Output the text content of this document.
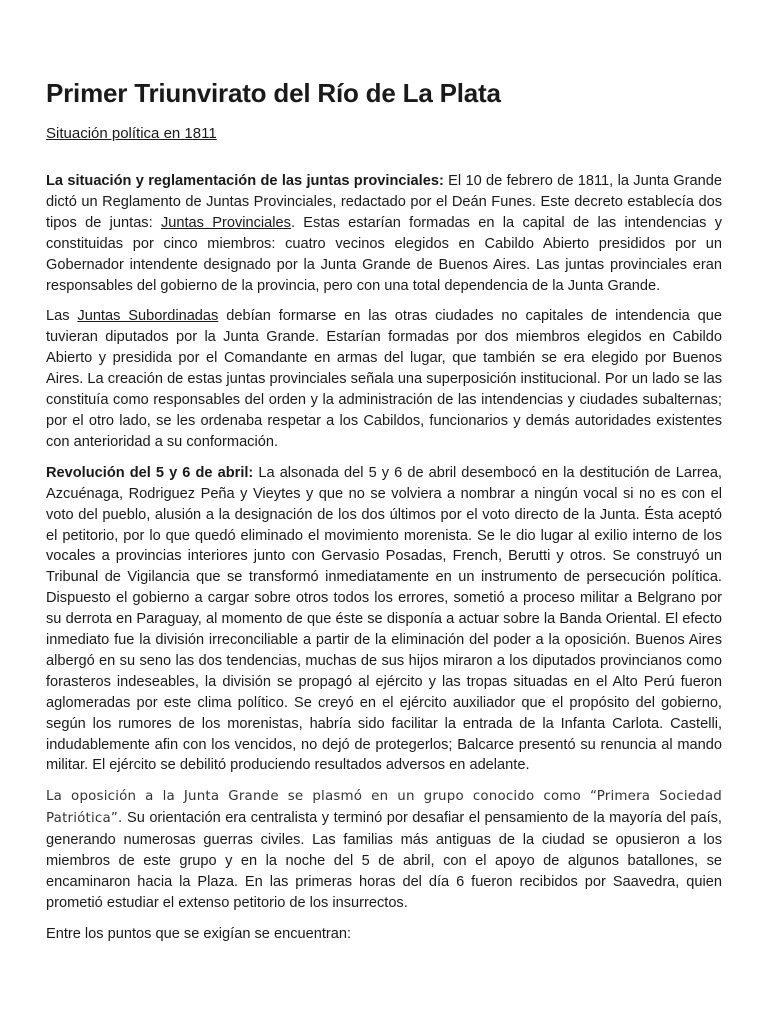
Primer Triunvirato del Río de La Plata

Situación política en 1811

La situación y reglamentación de las juntas provinciales: El 10 de febrero de 1811, la Junta Grande dictó un Reglamento de Juntas Provinciales, redactado por el Deán Funes. Este decreto establecía dos tipos de juntas: Juntas Provinciales. Estas estarían formadas en la capital de las intendencias y constituidas por cinco miembros: cuatro vecinos elegidos en Cabildo Abierto presididos por un Gobernador intendente designado por la Junta Grande de Buenos Aires. Las juntas provinciales eran responsables del gobierno de la provincia, pero con una total dependencia de la Junta Grande.

Las Juntas Subordinadas debían formarse en las otras ciudades no capitales de intendencia que tuvieran diputados por la Junta Grande. Estarían formadas por dos miembros elegidos en Cabildo Abierto y presidida por el Comandante en armas del lugar, que también se era elegido por Buenos Aires. La creación de estas juntas provinciales señala una superposición institucional. Por un lado se las constituía como responsables del orden y la administración de las intendencias y ciudades subalternas; por el otro lado, se les ordenaba respetar a los Cabildos, funcionarios y demás autoridades existentes con anterioridad a su conformación.

Revolución del 5 y 6 de abril: La alsonada del 5 y 6 de abril desembocó en la destitución de Larrea, Azcuénaga, Rodriguez Peña y Vieytes y que no se volviera a nombrar a ningún vocal si no es con el voto del pueblo, alusión a la designación de los dos últimos por el voto directo de la Junta. Ésta aceptó el petitorio, por lo que quedó eliminado el movimiento morenista. Se le dio lugar al exilio interno de los vocales a provincias interiores junto con Gervasio Posadas, French, Berutti y otros. Se construyó un Tribunal de Vigilancia que se transformó inmediatamente en un instrumento de persecución política. Dispuesto el gobierno a cargar sobre otros todos los errores, sometió a proceso militar a Belgrano por su derrota en Paraguay, al momento de que éste se disponía a actuar sobre la Banda Oriental. El efecto inmediato fue la división irreconciliable a partir de la eliminación del poder a la oposición. Buenos Aires albergó en su seno las dos tendencias, muchas de sus hijos miraron a los diputados provincianos como forasteros indeseables, la división se propagó al ejército y las tropas situadas en el Alto Perú fueron aglomeradas por este clima político. Se creyó en el ejército auxiliador que el propósito del gobierno, según los rumores de los morenistas, habría sido facilitar la entrada de la Infanta Carlota. Castelli, indudablemente afin con los vencidos, no dejó de protegerlos; Balcarce presentó su renuncia al mando militar. El ejército se debilitó produciendo resultados adversos en adelante.

La oposición a la Junta Grande se plasmó en un grupo conocido como “Primera Sociedad Patriótica”. Su orientación era centralista y terminó por desafiar el pensamiento de la mayoría del país, generando numerosas guerras civiles. Las familias más antiguas de la ciudad se opusieron a los miembros de este grupo y en la noche del 5 de abril, con el apoyo de algunos batallones, se encaminaron hacia la Plaza. En las primeras horas del día 6 fueron recibidos por Saavedra, quien prometió estudiar el extenso petitorio de los insurrectos.

Entre los puntos que se exigían se encuentran:
